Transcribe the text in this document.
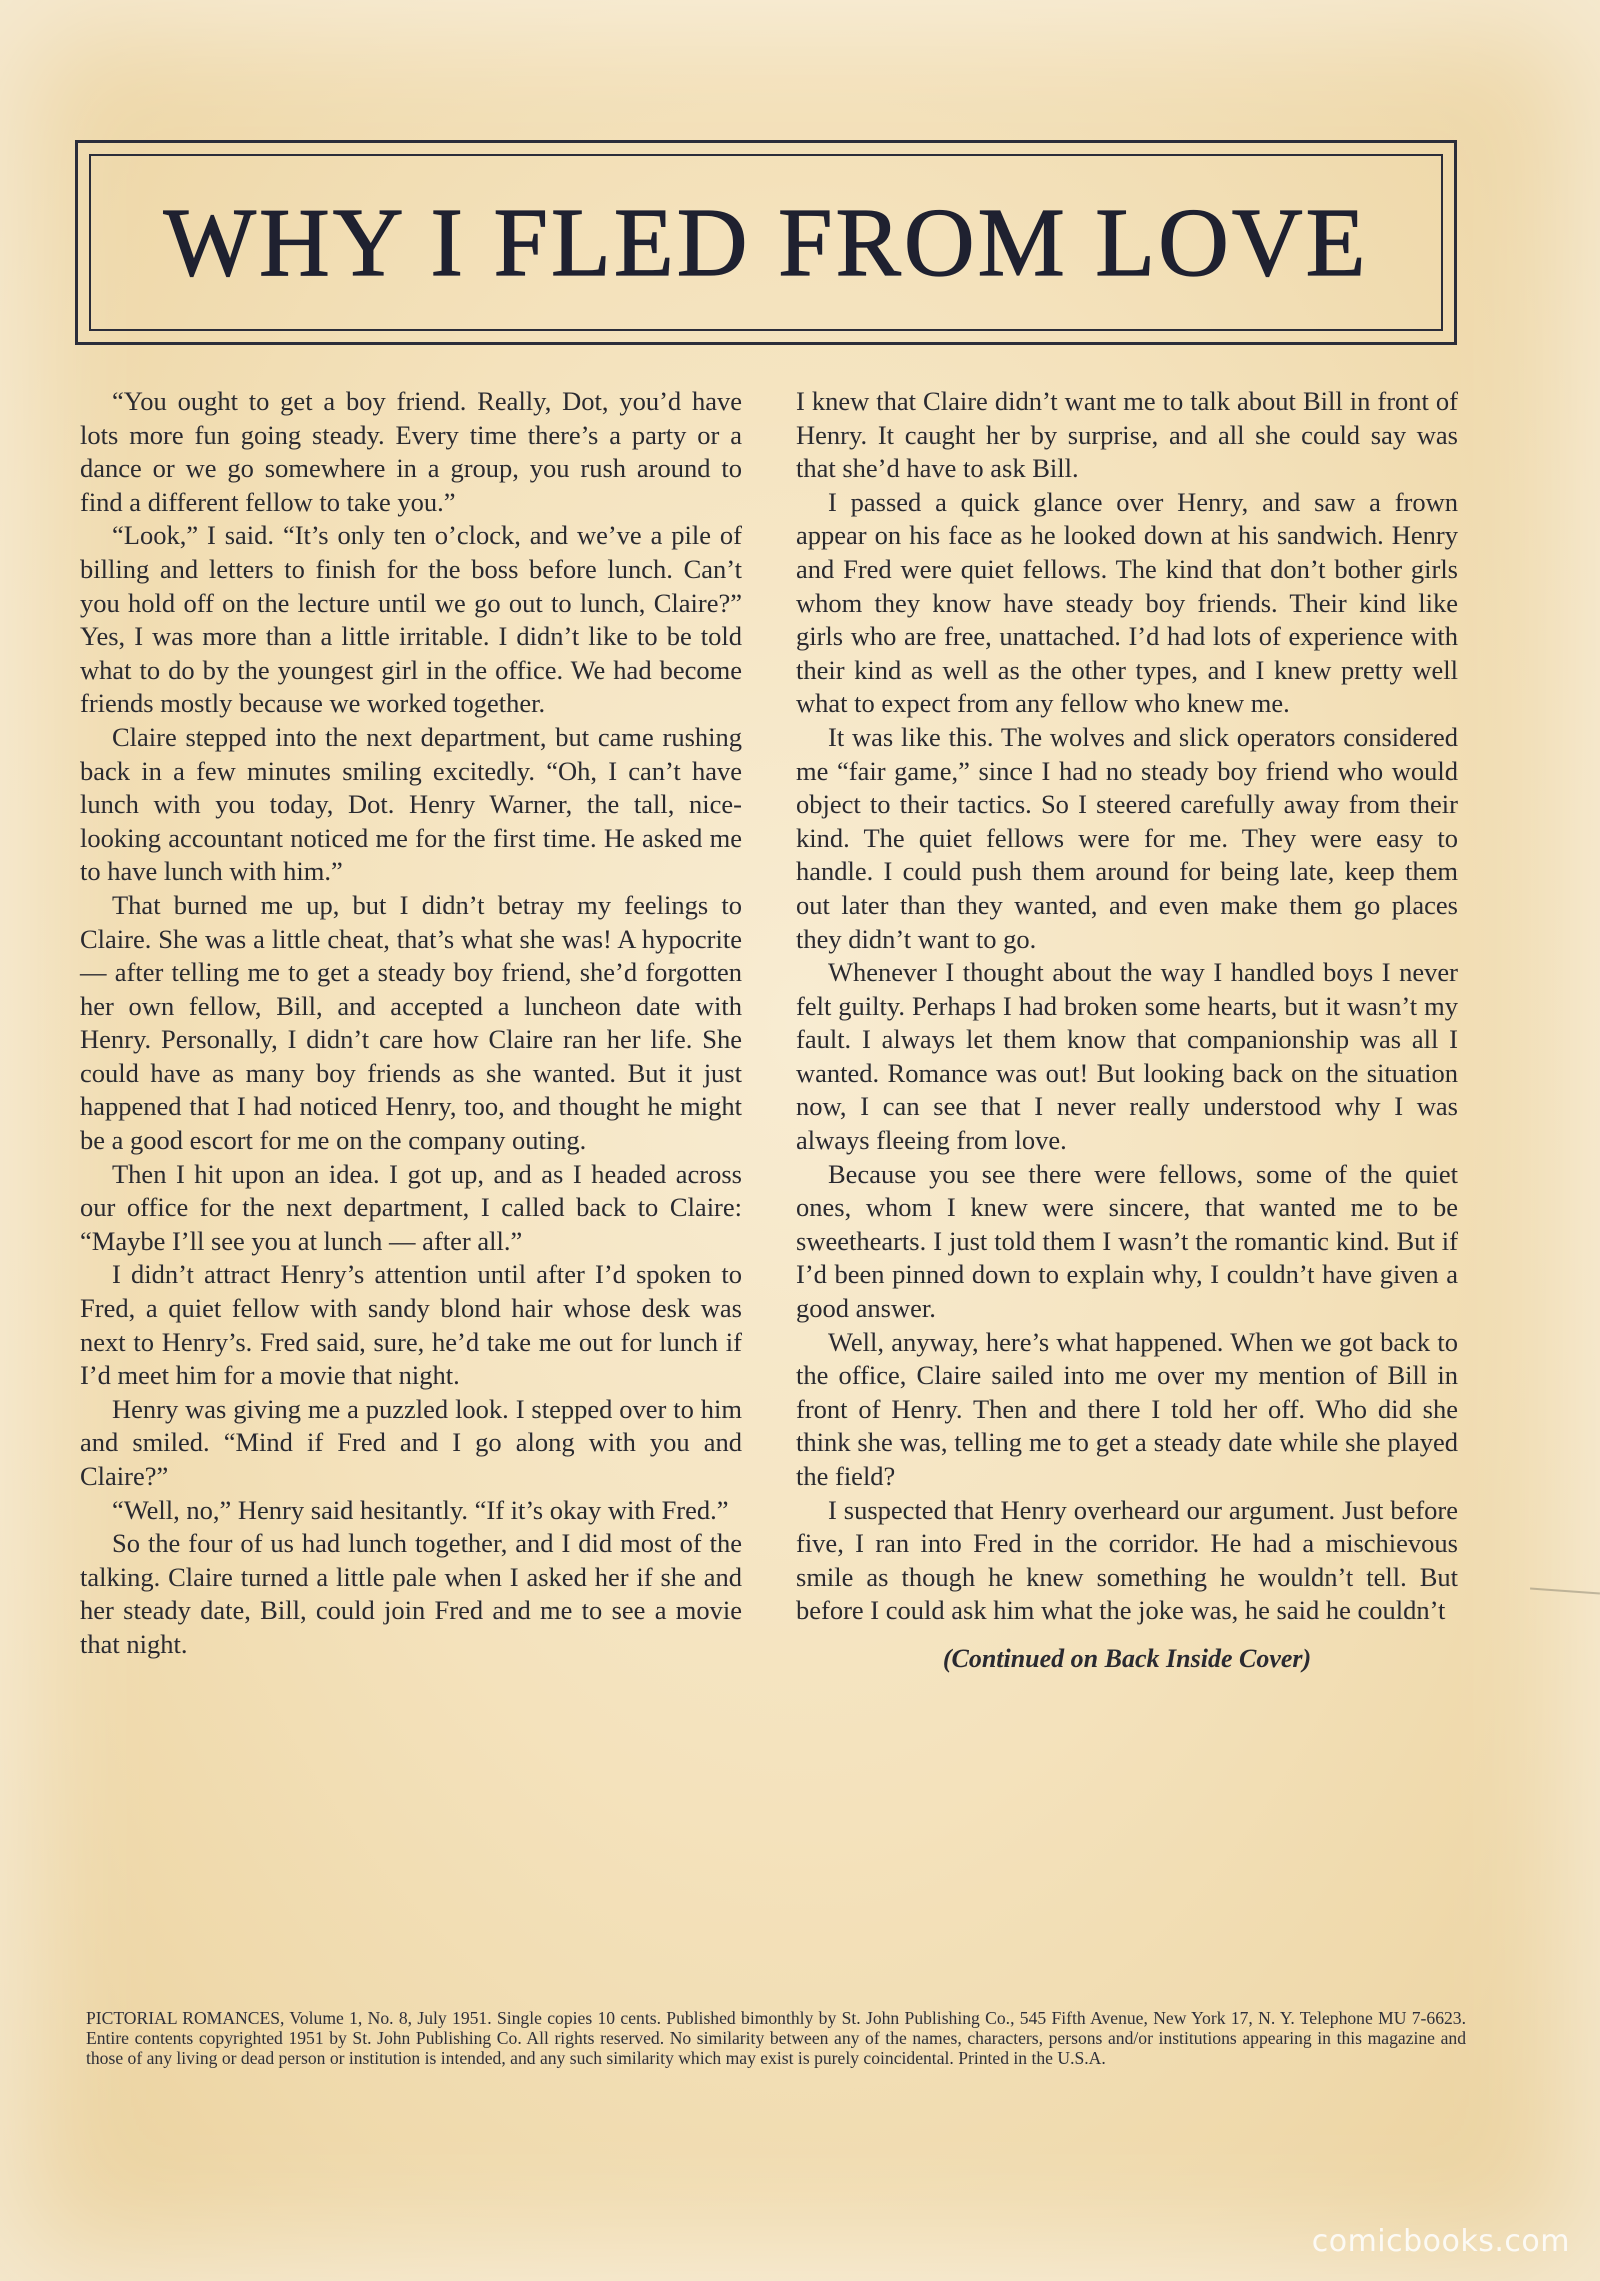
WHY I FLED FROM LOVE

“You ought to get a boy friend. Really, Dot, you’d have lots more fun going steady. Every time there’s a party or a dance or we go somewhere in a group, you rush around to find a different fellow to take you.”

“Look,” I said. “It’s only ten o’clock, and we’ve a pile of billing and letters to finish for the boss before lunch. Can’t you hold off on the lecture until we go out to lunch, Claire?” Yes, I was more than a little irritable. I didn’t like to be told what to do by the youngest girl in the office. We had become friends mostly because we worked together.

Claire stepped into the next department, but came rushing back in a few minutes smiling excitedly. “Oh, I can’t have lunch with you today, Dot. Henry Warner, the tall, nice-looking accountant noticed me for the first time. He asked me to have lunch with him.”

That burned me up, but I didn’t betray my feelings to Claire. She was a little cheat, that’s what she was! A hypocrite — after telling me to get a steady boy friend, she’d forgotten her own fellow, Bill, and accepted a luncheon date with Henry. Personally, I didn’t care how Claire ran her life. She could have as many boy friends as she wanted. But it just happened that I had noticed Henry, too, and thought he might be a good escort for me on the company outing.

Then I hit upon an idea. I got up, and as I headed across our office for the next department, I called back to Claire: “Maybe I’ll see you at lunch — after all.”

I didn’t attract Henry’s attention until after I’d spoken to Fred, a quiet fellow with sandy blond hair whose desk was next to Henry’s. Fred said, sure, he’d take me out for lunch if I’d meet him for a movie that night.

Henry was giving me a puzzled look. I stepped over to him and smiled. “Mind if Fred and I go along with you and Claire?”

“Well, no,” Henry said hesitantly. “If it’s okay with Fred.”

So the four of us had lunch together, and I did most of the talking. Claire turned a little pale when I asked her if she and her steady date, Bill, could join Fred and me to see a movie that night.

I knew that Claire didn’t want me to talk about Bill in front of Henry. It caught her by surprise, and all she could say was that she’d have to ask Bill.

I passed a quick glance over Henry, and saw a frown appear on his face as he looked down at his sandwich. Henry and Fred were quiet fellows. The kind that don’t bother girls whom they know have steady boy friends. Their kind like girls who are free, unattached. I’d had lots of experience with their kind as well as the other types, and I knew pretty well what to expect from any fellow who knew me.

It was like this. The wolves and slick operators considered me “fair game,” since I had no steady boy friend who would object to their tactics. So I steered carefully away from their kind. The quiet fellows were for me. They were easy to handle. I could push them around for being late, keep them out later than they wanted, and even make them go places they didn’t want to go.

Whenever I thought about the way I handled boys I never felt guilty. Perhaps I had broken some hearts, but it wasn’t my fault. I always let them know that companionship was all I wanted. Romance was out! But looking back on the situation now, I can see that I never really understood why I was always fleeing from love.

Because you see there were fellows, some of the quiet ones, whom I knew were sincere, that wanted me to be sweethearts. I just told them I wasn’t the romantic kind. But if I’d been pinned down to explain why, I couldn’t have given a good answer.

Well, anyway, here’s what happened. When we got back to the office, Claire sailed into me over my mention of Bill in front of Henry. Then and there I told her off. Who did she think she was, telling me to get a steady date while she played the field?

I suspected that Henry overheard our argument. Just before five, I ran into Fred in the corridor. He had a mischievous smile as though he knew something he wouldn’t tell. But before I could ask him what the joke was, he said he couldn’t

(Continued on Back Inside Cover)
PICTORIAL ROMANCES, Volume 1, No. 8, July 1951. Single copies 10 cents. Published bimonthly by St. John Publishing Co., 545 Fifth Avenue, New York 17, N. Y. Telephone MU 7-6623. Entire contents copyrighted 1951 by St. John Publishing Co. All rights reserved. No similarity between any of the names, characters, persons and/or institutions appearing in this magazine and those of any living or dead person or institution is intended, and any such similarity which may exist is purely coincidental. Printed in the U.S.A.
comicbooks.com
